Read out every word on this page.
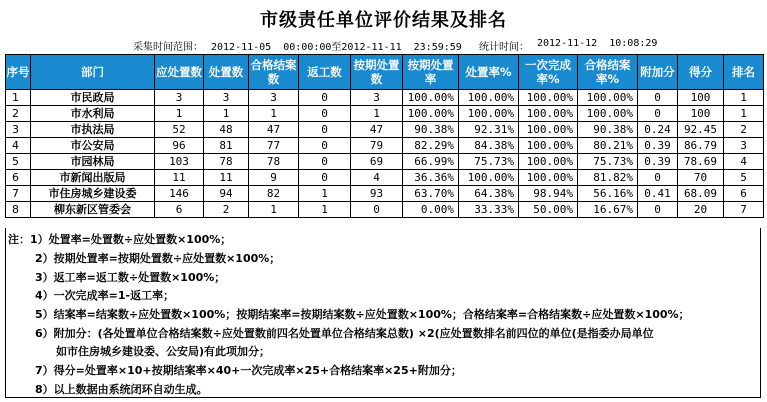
市级责任单位评价结果及排名

采集时间范围：

2012-11-05  00:00:00至2012-11-11  23:59:59

统计时间：

2012-11-12  10:08:29

序号	部门	应处置数	处置数	合格结案数	返工数	按期处置数	按期处置率	处置率%	一次完成率%	合格结案率%	附加分	得分	排名
1	市民政局	3	3	3	0	3	100.00%	100.00%	100.00%	100.00%	0	100	1
2	市水利局	1	1	1	0	1	100.00%	100.00%	100.00%	100.00%	0	100	1
3	市执法局	52	48	47	0	47	90.38%	92.31%	100.00%	90.38%	0.24	92.45	2
4	市公安局	96	81	77	0	79	82.29%	84.38%	100.00%	80.21%	0.39	86.79	3
5	市园林局	103	78	78	0	69	66.99%	75.73%	100.00%	75.73%	0.39	78.69	4
6	市新闻出版局	11	11	9	0	4	36.36%	100.00%	100.00%	81.82%	0	70	5
7	市住房城乡建设委	146	94	82	1	93	63.70%	64.38%	98.94%	56.16%	0.41	68.09	6
8	柳东新区管委会	6	2	1	1	0	0.00%	33.33%	50.00%	16.67%	0	20	7
注：1）处置率=处置数÷应处置数×100%；
2）按期处置率=按期处置数÷应处置数×100%；
3）返工率=返工数÷处置数×100%；
4）一次完成率=1-返工率；
5）结案率=结案数÷应处置数×100%；按期结案率=按期结案数÷应处置数×100%；合格结案率=合格结案数÷应处置数×100%；
6）附加分：(各处置单位合格结案数÷应处置数前四名处置单位合格结案总数) ×2(应处置数排名前四位的单位(是指委办局单位
如市住房城乡建设委、公安局)有此项加分；
7）得分=处置率×10+按期结案率×40+一次完成率×25+合格结案率×25+附加分；
8）以上数据由系统闭环自动生成。
